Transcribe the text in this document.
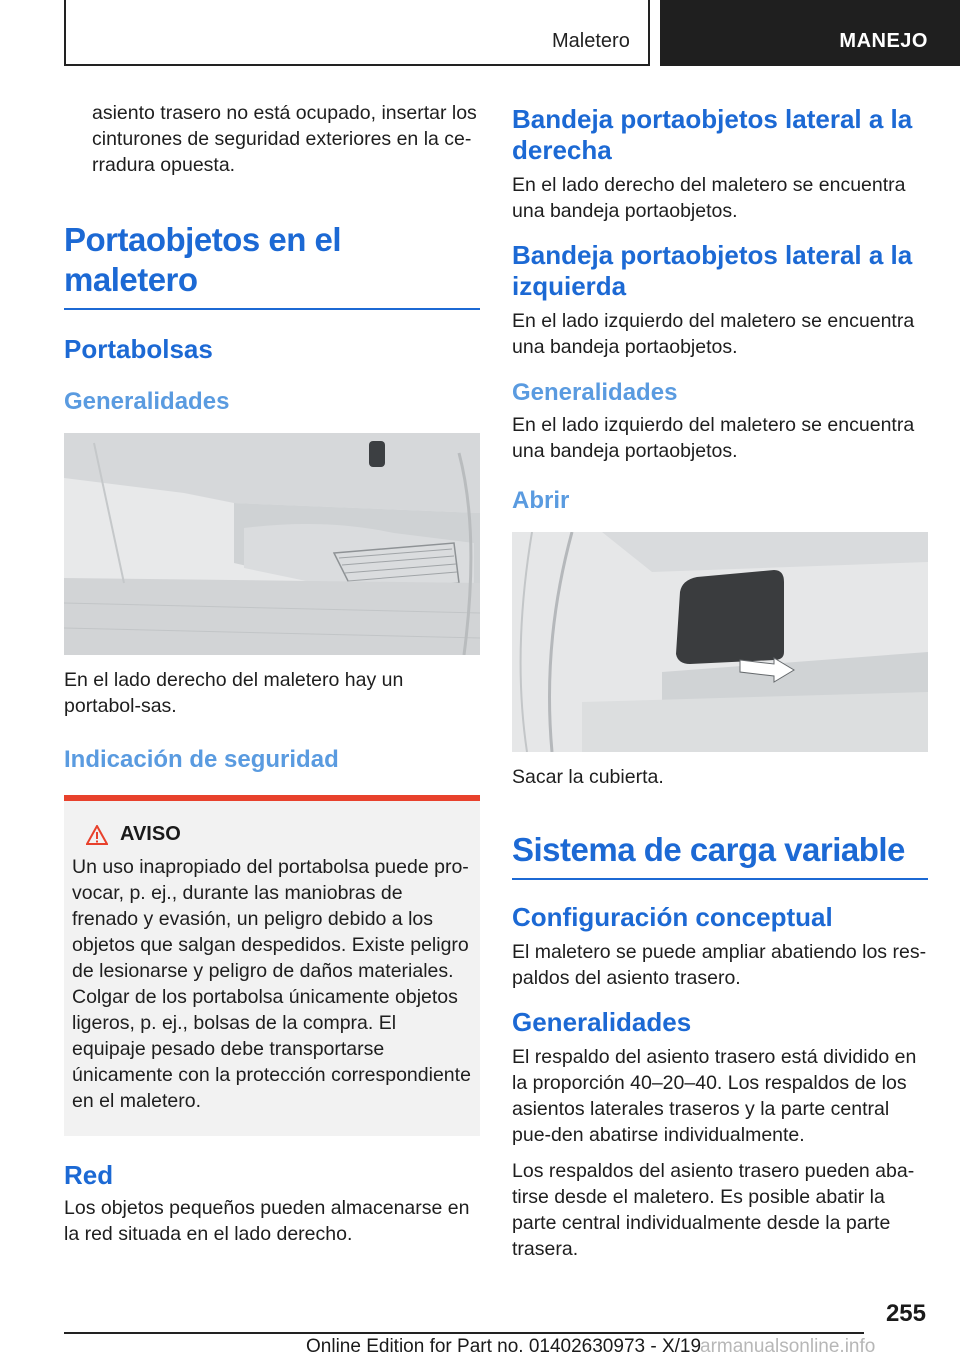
Maletero	MANEJO

asiento trasero no está ocupado, insertar los cinturones de seguridad exteriores en la ce-rradura opuesta.

Portaobjetos en el maletero
Portabolsas
Generalidades

En el lado derecho del maletero hay un portabol-sas.

Indicación de seguridad
AVISO

Un uso inapropiado del portabolsa puede pro-vocar, p. ej., durante las maniobras de frenado y evasión, un peligro debido a los objetos que salgan despedidos. Existe peligro de lesionarse y peligro de daños materiales. Colgar de los portabolsa únicamente objetos ligeros, p. ej., bolsas de la compra. El equipaje pesado debe transportarse únicamente con la protección correspondiente en el maletero.

Red

Los objetos pequeños pueden almacenarse en la red situada en el lado derecho.

Bandeja portaobjetos lateral a la derecha

En el lado derecho del maletero se encuentra una bandeja portaobjetos.

Bandeja portaobjetos lateral a la izquierda

En el lado izquierdo del maletero se encuentra una bandeja portaobjetos.

Generalidades

En el lado izquierdo del maletero se encuentra una bandeja portaobjetos.

Abrir

Sacar la cubierta.

Sistema de carga variable
Configuración conceptual

El maletero se puede ampliar abatiendo los res-paldos del asiento trasero.

Generalidades

El respaldo del asiento trasero está dividido en la proporción 40–20–40. Los respaldos de los asientos laterales traseros y la parte central pue-den abatirse individualmente.

Los respaldos del asiento trasero pueden aba-tirse desde el maletero. Es posible abatir la parte central individualmente desde la parte trasera.

255
Online Edition for Part no. 01402630973 - X/19
armanualsonline.info
